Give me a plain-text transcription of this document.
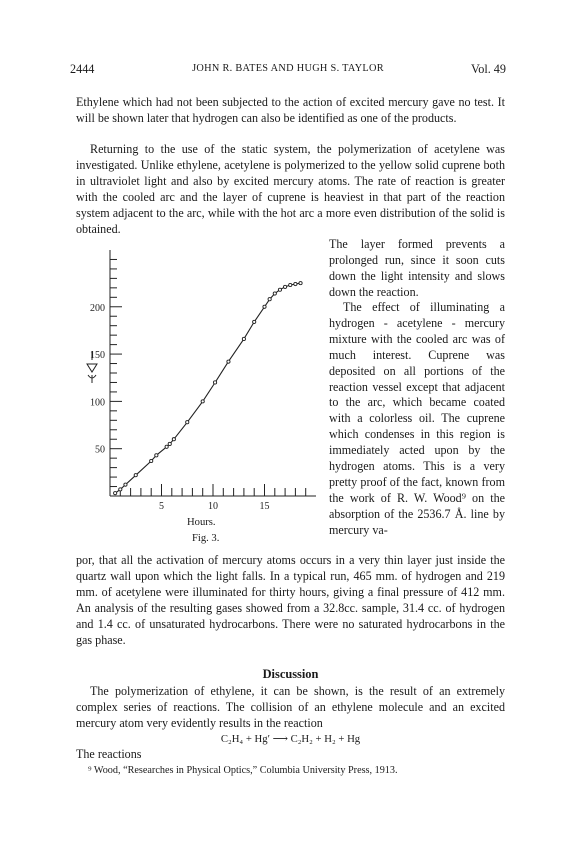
2444	JOHN R. BATES AND HUGH S. TAYLOR	Vol. 49
Ethylene which had not been subjected to the action of excited mercury gave no test. It will be shown later that hydrogen can also be identified as one of the products.
Returning to the use of the static system, the polymerization of acetylene was investigated. Unlike ethylene, acetylene is polymerized to the yellow solid cuprene both in ultraviolet light and also by excited mercury atoms. The rate of reaction is greater with the cooled arc and the layer of cuprene is heaviest in that part of the reaction system adjacent to the arc, while with the hot arc a more even distribution of the solid is obtained.
The layer formed prevents a prolonged run, since it soon cuts down the light intensity and slows down the reaction.
The effect of illuminating a hydrogen - acetylene - mercury mixture with the cooled arc was of much interest. Cuprene was deposited on all portions of the reaction vessel except that adjacent to the arc, which became coated with a colorless oil. The cuprene which condenses in this region is immediately acted upon by the hydrogen atoms. This is a very pretty proof of the fact, known from the work of R. W. Wood⁹ on the absorption of the 2536.7 Å. line by mercury va-
50
100
150
200
5	10	15
Hours.
Fig. 3.
por, that all the activation of mercury atoms occurs in a very thin layer just inside the quartz wall upon which the light falls. In a typical run, 465 mm. of hydrogen and 219 mm. of acetylene were illuminated for thirty hours, giving a final pressure of 412 mm. An analysis of the resulting gases showed from a 32.8cc. sample, 31.4 cc. of hydrogen and 1.4 cc. of unsaturated hydrocarbons. There were no saturated hydrocarbons in the gas phase.
Discussion
The polymerization of ethylene, it can be shown, is the result of an extremely complex series of reactions. The collision of an ethylene molecule and an excited mercury atom very evidently results in the reaction
C₂H₄ + Hg′ ⟶ C₂H₂ + H₂ + Hg
The reactions
⁹ Wood, “Researches in Physical Optics,” Columbia University Press, 1913.
